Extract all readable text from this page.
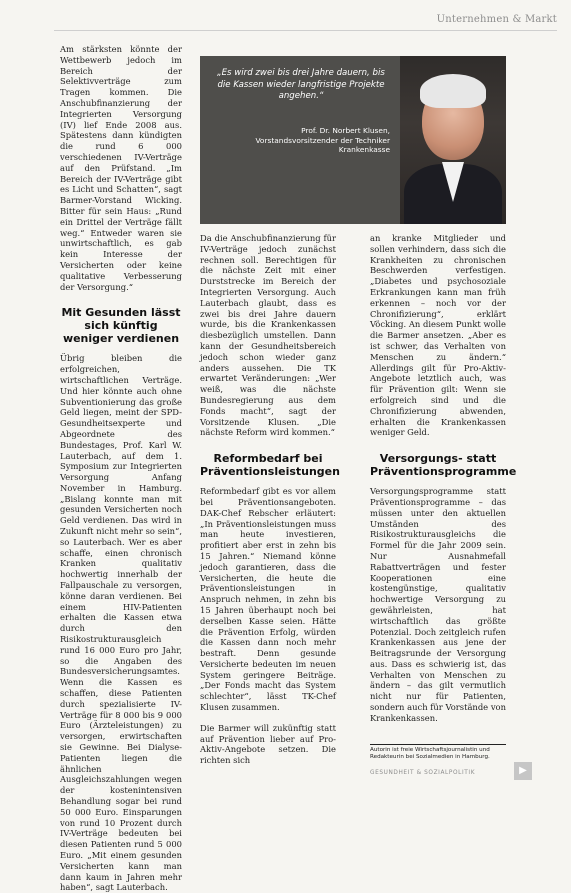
Unternehmen & Markt

Am stärksten könnte der Wettbewerb jedoch im Bereich der Selektivverträge zum Tragen kommen. Die Anschubfinanzierung der Integrierten Versorgung (IV) lief Ende 2008 aus. Spätestens dann kündigten die rund 6 000 verschiedenen IV-Verträge auf den Prüfstand. „Im Bereich der IV-Verträge gibt es Licht und Schatten“, sagt Barmer-Vorstand Wicking. Bitter für sein Haus: „Rund ein Drittel der Verträge fällt weg.“ Entweder waren sie unwirtschaftlich, es gab kein Interesse der Versicherten oder keine qualitative Verbesserung der Versorgung.“

Mit Gesunden lässt sich künftig weniger verdienen

Übrig bleiben die erfolgreichen, wirtschaftlichen Verträge. Und hier könnte auch ohne Subventionierung das große Geld liegen, meint der SPD-Gesundheitsexperte und Abgeordnete des Bundestages, Prof. Karl W. Lauterbach, auf dem 1. Symposium zur Integrierten Versorgung Anfang November in Hamburg. „Bislang konnte man mit gesunden Versicherten noch Geld verdienen. Das wird in Zukunft nicht mehr so sein“, so Lauterbach. Wer es aber schaffe, einen chronisch Kranken qualitativ hochwertig innerhalb der Fallpauschale zu versorgen, könne daran verdienen. Bei einem HIV-Patienten erhalten die Kassen etwa durch den Risikostrukturausgleich rund 16 000 Euro pro Jahr, so die Angaben des Bundesversicherungsamtes. Wenn die Kassen es schaffen, diese Patienten durch spezialisierte IV-Verträge für 8 000 bis 9 000 Euro (Ärzteleistungen) zu versorgen, erwirtschaften sie Gewinne. Bei Dialyse-Patienten liegen die ähnlichen Ausgleichszahlungen wegen der kostenintensiven Behandlung sogar bei rund 50 000 Euro. Einsparungen von rund 10 Prozent durch IV-Verträge bedeuten bei diesen Patienten rund 5 000 Euro. „Mit einem gesunden Versicherten kann man dann kaum in Jahren mehr haben“, sagt Lauterbach.

„Es wird zwei bis drei Jahre dauern, bis die Kassen wieder langfristige Projekte angehen.“
Prof. Dr. Norbert Klusen,
Vorstandsvorsitzender der Techniker Krankenkasse

Da die Anschubfinanzierung für IV-Verträge jedoch zunächst rechnen soll. Berechtigen für die nächste Zeit mit einer Durststrecke im Bereich der Integrierten Versorgung. Auch Lauterbach glaubt, dass es zwei bis drei Jahre dauern wurde, bis die Krankenkassen diesbezüglich umstellen. Dann kann der Gesundheitsbereich jedoch schon wieder ganz anders aussehen. Die TK erwartet Veränderungen: „Wer weiß, was die nächste Bundesregierung aus dem Fonds macht“, sagt der Vorsitzende Klusen. „Die nächste Reform wird kommen.“

Reformbedarf bei Präventionsleistungen

Reformbedarf gibt es vor allem bei Präventionsangeboten. DAK-Chef Rebscher erläutert: „In Präventionsleistungen muss man heute investieren, profitiert aber erst in zehn bis 15 Jahren.“ Niemand könne jedoch garantieren, dass die Versicherten, die heute die Präventionsleistungen in Anspruch nehmen, in zehn bis 15 Jahren überhaupt noch bei derselben Kasse seien. Hätte die Prävention Erfolg, würden die Kassen dann noch mehr bestraft. Denn gesunde Versicherte bedeuten im neuen System geringere Beiträge. „Der Fonds macht das System schlechter“, lässt TK-Chef Klusen zusammen.

Die Barmer will zukünftig statt auf Prävention lieber auf Pro-Aktiv-Angebote setzen. Die richten sich

an kranke Mitglieder und sollen verhindern, dass sich die Krankheiten zu chronischen Beschwerden verfestigen. „Diabetes und psychosoziale Erkrankungen kann man früh erkennen – noch vor der Chronifizierung“, erklärt Vöcking. An diesem Punkt wolle die Barmer ansetzen. „Aber es ist schwer, das Verhalten von Menschen zu ändern.“ Allerdings gilt für Pro-Aktiv-Angebote letztlich auch, was für Prävention gilt: Wenn sie erfolgreich sind und die Chronifizierung abwenden, erhalten die Krankenkassen weniger Geld.

Versorgungs- statt Präventionsprogramme

Versorgungsprogramme statt Präventionsprogramme – das müssen unter den aktuellen Umständen des Risikostrukturausgleichs die Formel für die Jahr 2009 sein. Nur Ausnahmefall Rabattverträgen und fester Kooperationen eine kostengünstige, qualitativ hochwertige Versorgung zu gewährleisten, hat wirtschaftlich das größte Potenzial. Doch zeitgleich rufen Krankenkassen aus jene der Beitragsrunde der Versorgung aus. Dass es schwierig ist, das Verhalten von Menschen zu ändern – das gilt vermutlich nicht nur für Patienten, sondern auch für Vorstände von Krankenkassen.

Autorin ist freie Wirtschaftsjournalistin und Redakteurin bei Sozialmedien in Hamburg.
GESUNDHEIT & SOZIALPOLITIK	▶
